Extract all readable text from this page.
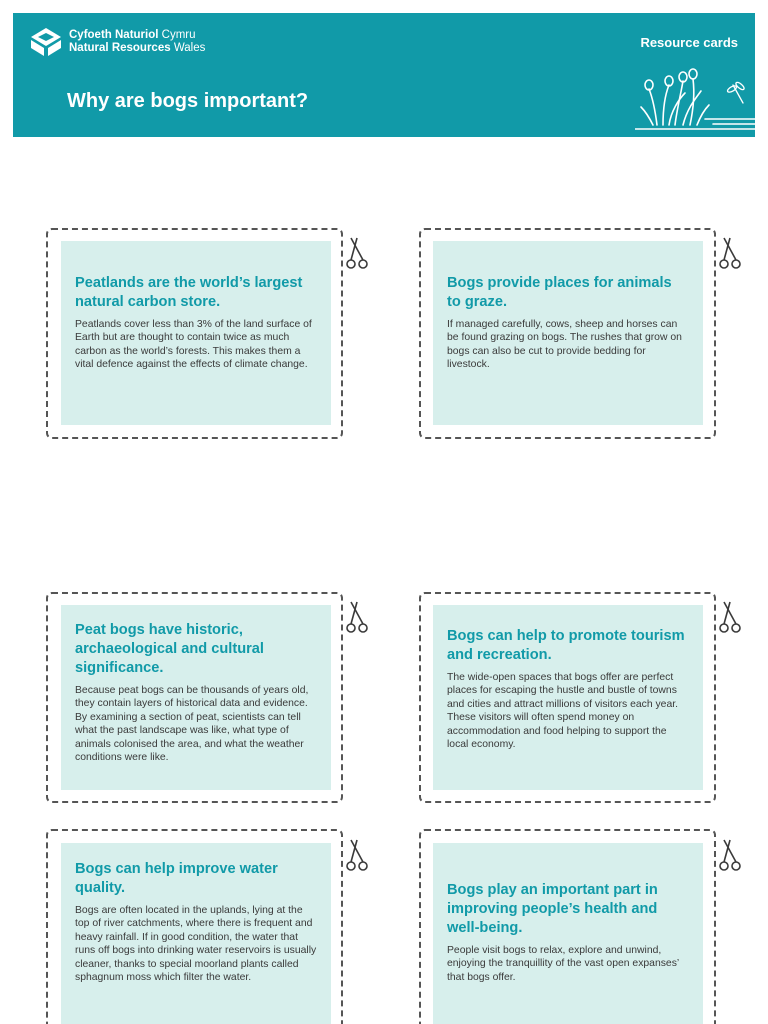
Cyfoeth Naturiol Cymru
Natural Resources Wales	Resource cards
Why are bogs important?
Peatlands are the world’s largest natural carbon store.
Peatlands cover less than 3% of the land surface of Earth but are thought to contain twice as much carbon as the world’s forests. This makes them a vital defence against the effects of climate change.
Bogs provide places for animals to graze.
If managed carefully, cows, sheep and horses can be found grazing on bogs. The rushes that grow on bogs can also be cut to provide bedding for livestock.
Peat bogs have historic, archaeological and cultural significance.
Because peat bogs can be thousands of years old, they contain layers of historical data and evidence. By examining a section of peat, scientists can tell what the past landscape was like, what type of animals colonised the area, and what the weather conditions were like.
Bogs can help to promote tourism and recreation.
The wide-open spaces that bogs offer are perfect places for escaping the hustle and bustle of towns and cities and attract millions of visitors each year. These visitors will often spend money on accommodation and food helping to support the local economy.
Bogs can help improve water quality.
Bogs are often located in the uplands, lying at the top of river catchments, where there is frequent and heavy rainfall. If in good condition, the water that runs off bogs into drinking water reservoirs is usually cleaner, thanks to special moorland plants called sphagnum moss which filter the water.
Bogs play an important part in improving people’s health and well-being.
People visit bogs to relax, explore and unwind, enjoying the tranquillity of the vast open expanses’ that bogs offer.
